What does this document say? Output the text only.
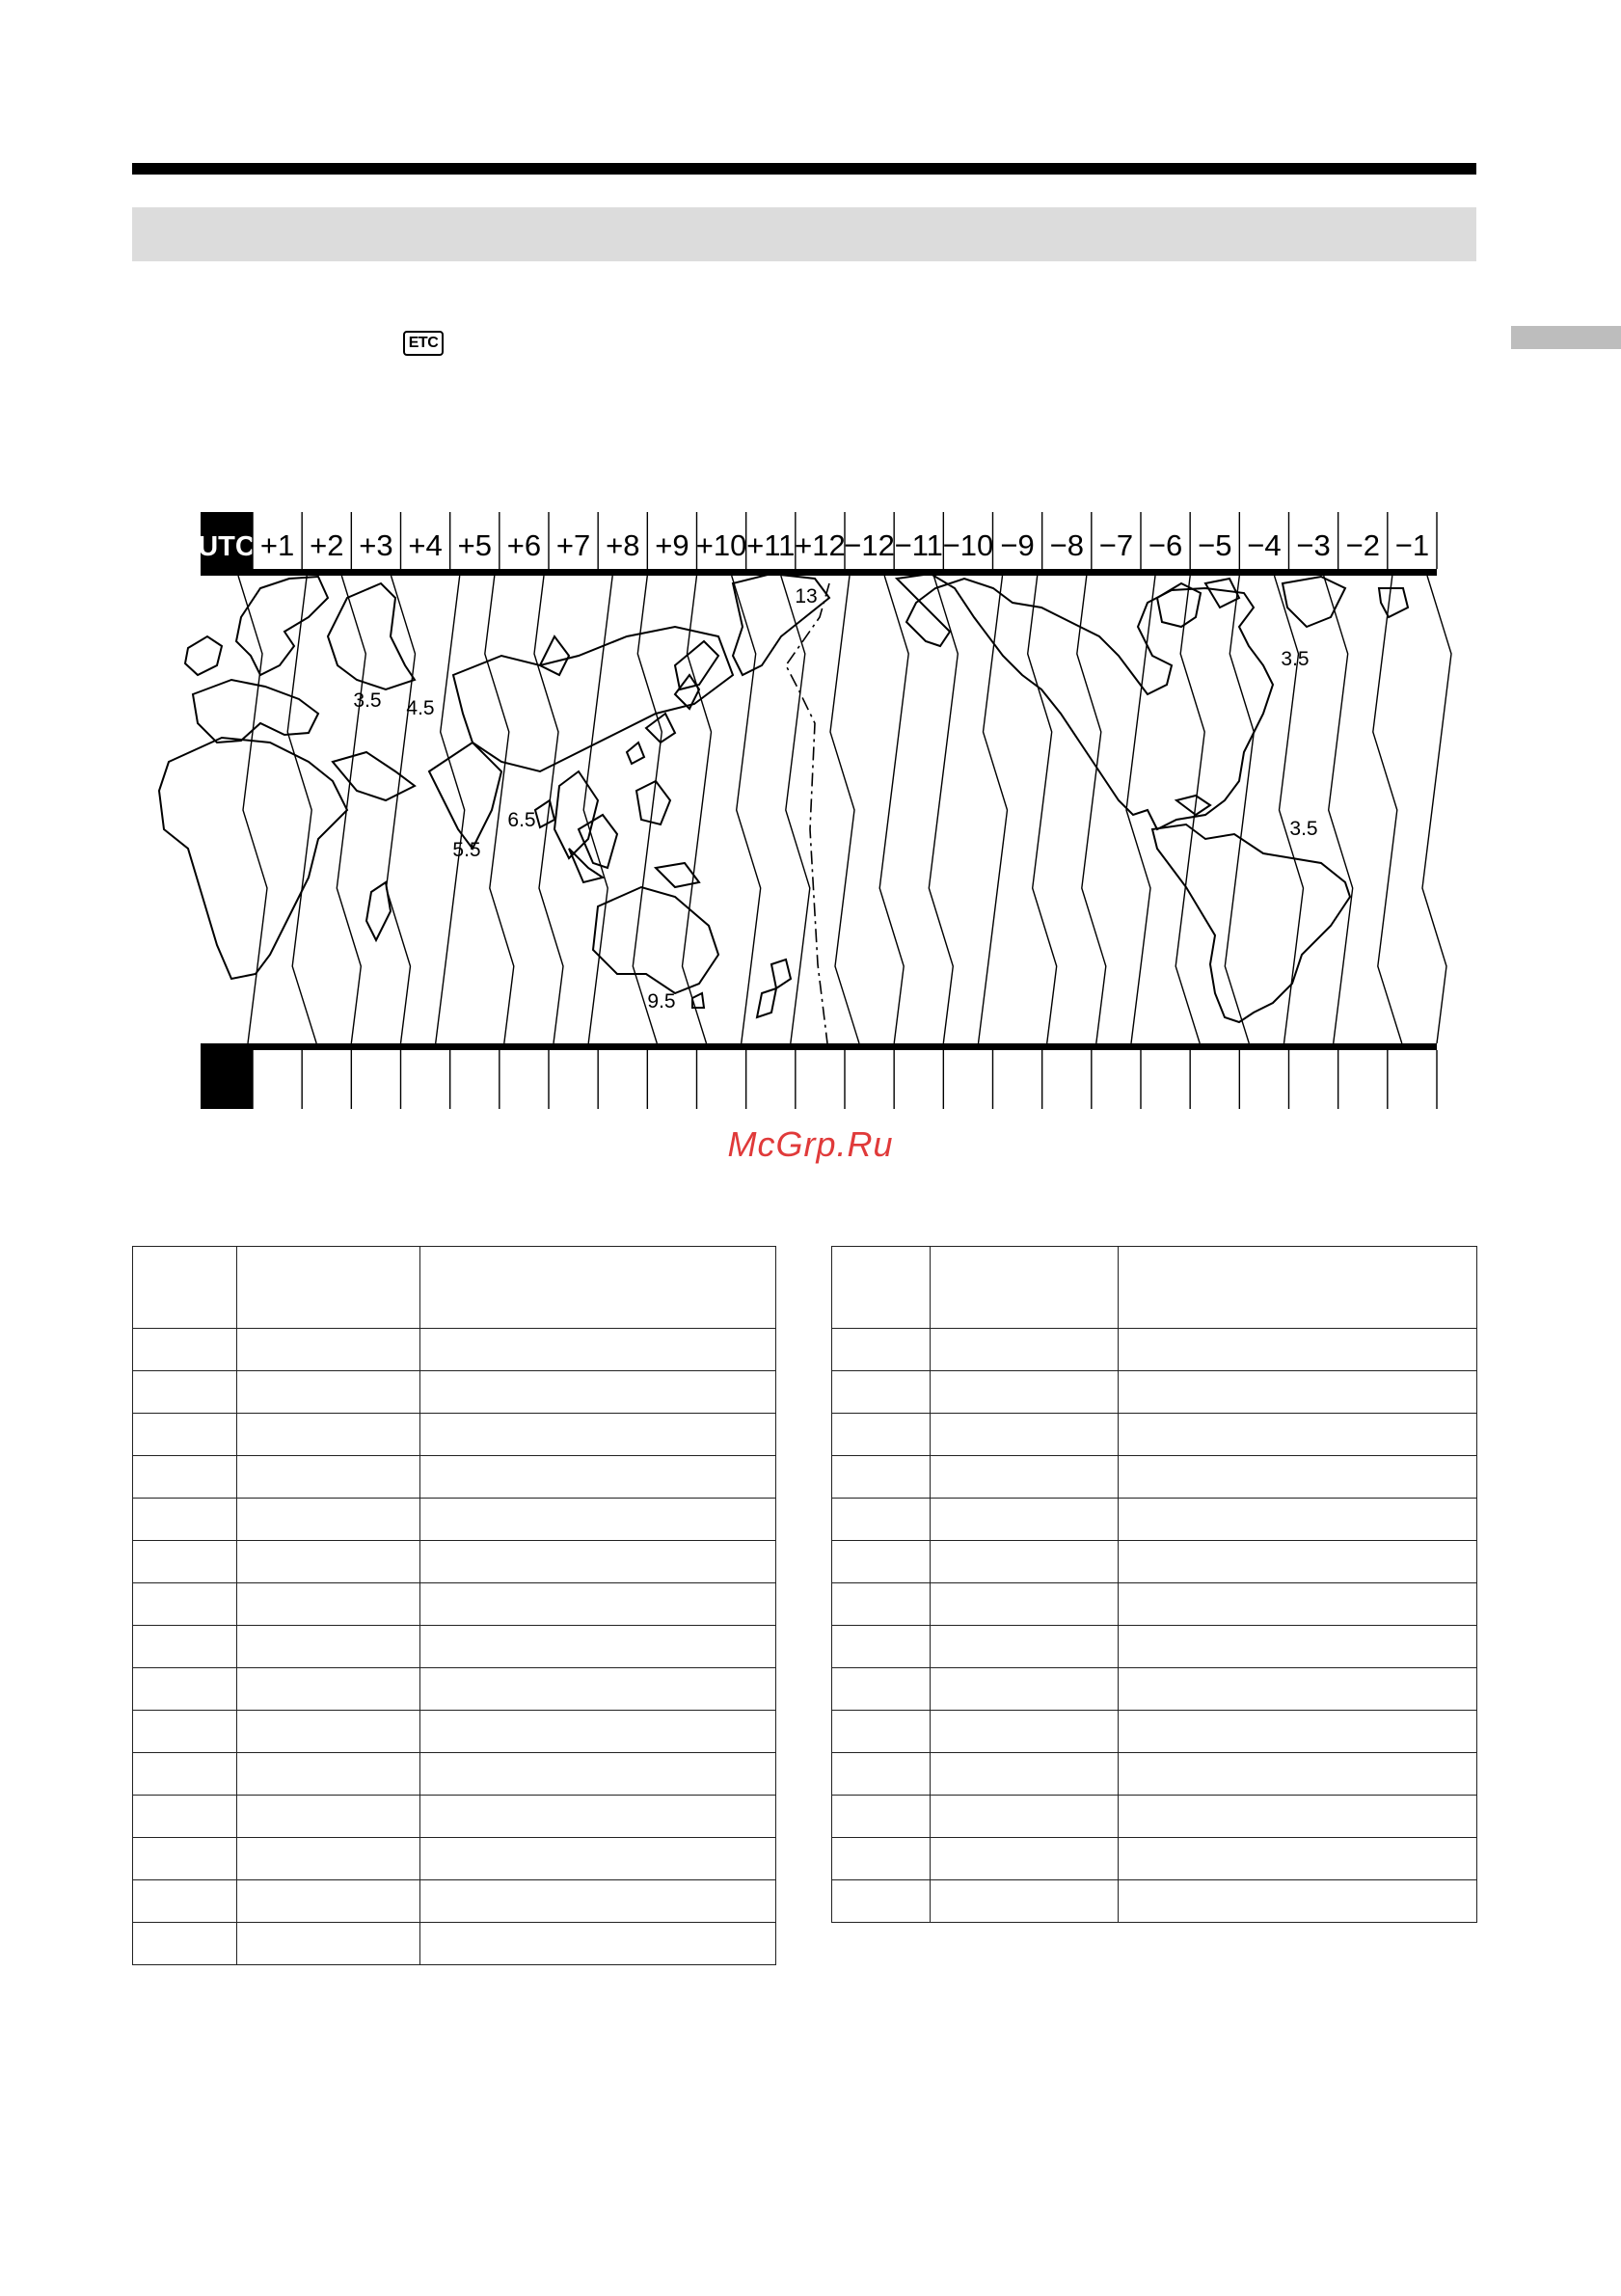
ETC
UTC +1 +2 +3 +4 +5 +6 +7 +8 +9 +10 +11 +12
−12 −11 −10 −9 −8 −7 −6 −5 −4 −3 −2 −1
13
3.5 4.5
5.5
6.5
9.5
3.5
3.5
McGrp.Ru
